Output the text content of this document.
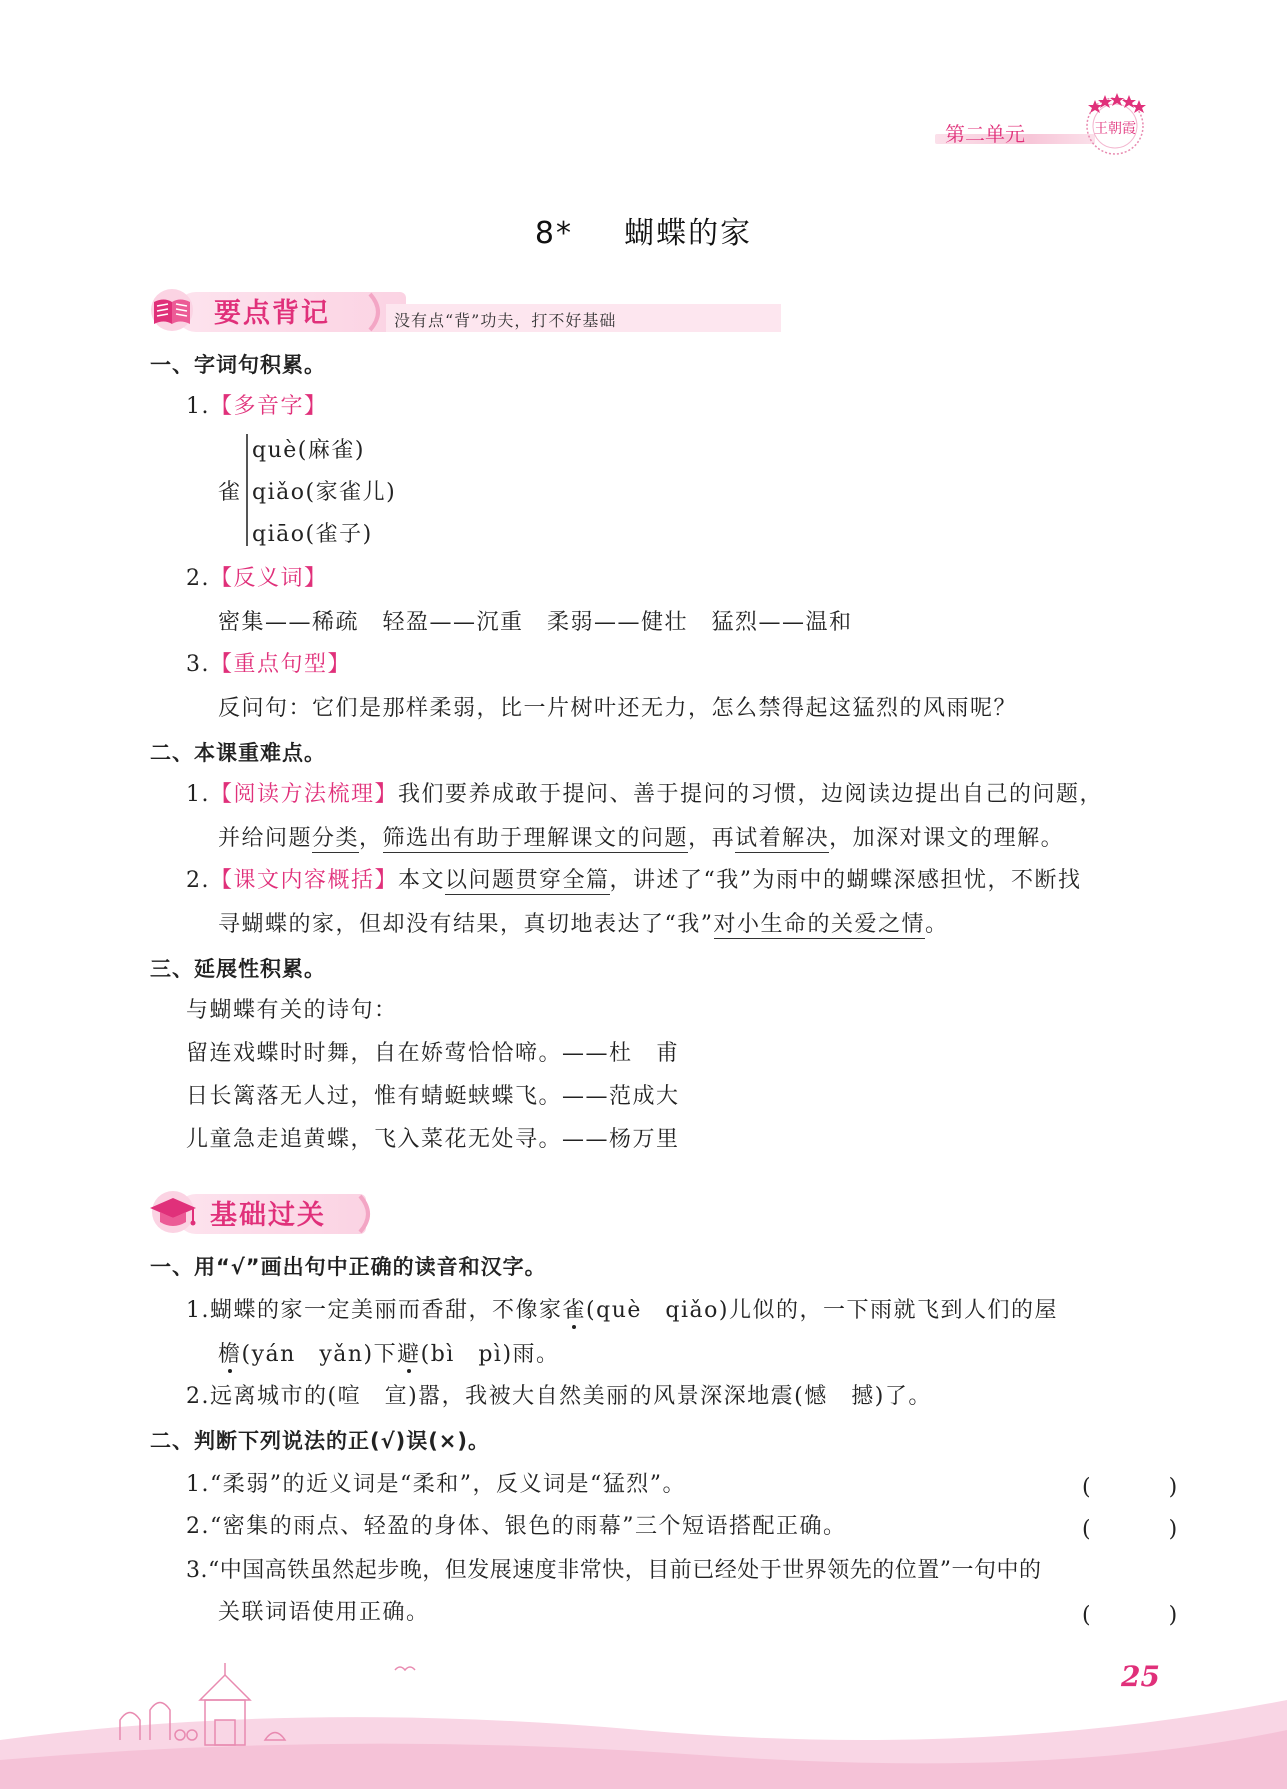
第二单元	王朝霞
8* 蝴蝶的家
要点背记	没有点“背”功夫，打不好基础
一、字词句积累。
1.【多音字】
雀
què(麻雀)
qiǎo(家雀儿)
qiāo(雀子)
2.【反义词】
密集——稀疏　轻盈——沉重　柔弱——健壮　猛烈——温和
3.【重点句型】
反问句：它们是那样柔弱，比一片树叶还无力，怎么禁得起这猛烈的风雨呢？
二、本课重难点。
1.【阅读方法梳理】我们要养成敢于提问、善于提问的习惯，边阅读边提出自己的问题，
并给问题分类，筛选出有助于理解课文的问题，再试着解决，加深对课文的理解。
2.【课文内容概括】本文以问题贯穿全篇，讲述了“我”为雨中的蝴蝶深感担忧，不断找
寻蝴蝶的家，但却没有结果，真切地表达了“我”对小生命的关爱之情。
三、延展性积累。
与蝴蝶有关的诗句：
留连戏蝶时时舞，自在娇莺恰恰啼。——杜　甫
日长篱落无人过，惟有蜻蜓蛱蝶飞。——范成大
儿童急走追黄蝶，飞入菜花无处寻。——杨万里
基础过关
一、用“√”画出句中正确的读音和汉字。
1.蝴蝶的家一定美丽而香甜，不像家雀(què　qiǎo)儿似的，一下雨就飞到人们的屋
檐(yán　yǎn)下避(bì　pì)雨。
2.远离城市的(喧　宣)嚣，我被大自然美丽的风景深深地震(憾　撼)了。
二、判断下列说法的正(√)误(×)。
1.“柔弱”的近义词是“柔和”，反义词是“猛烈”。	(　)
2.“密集的雨点、轻盈的身体、银色的雨幕”三个短语搭配正确。	(　)
3.“中国高铁虽然起步晚，但发展速度非常快，目前已经处于世界领先的位置”一句中的
关联词语使用正确。	(　)
25
